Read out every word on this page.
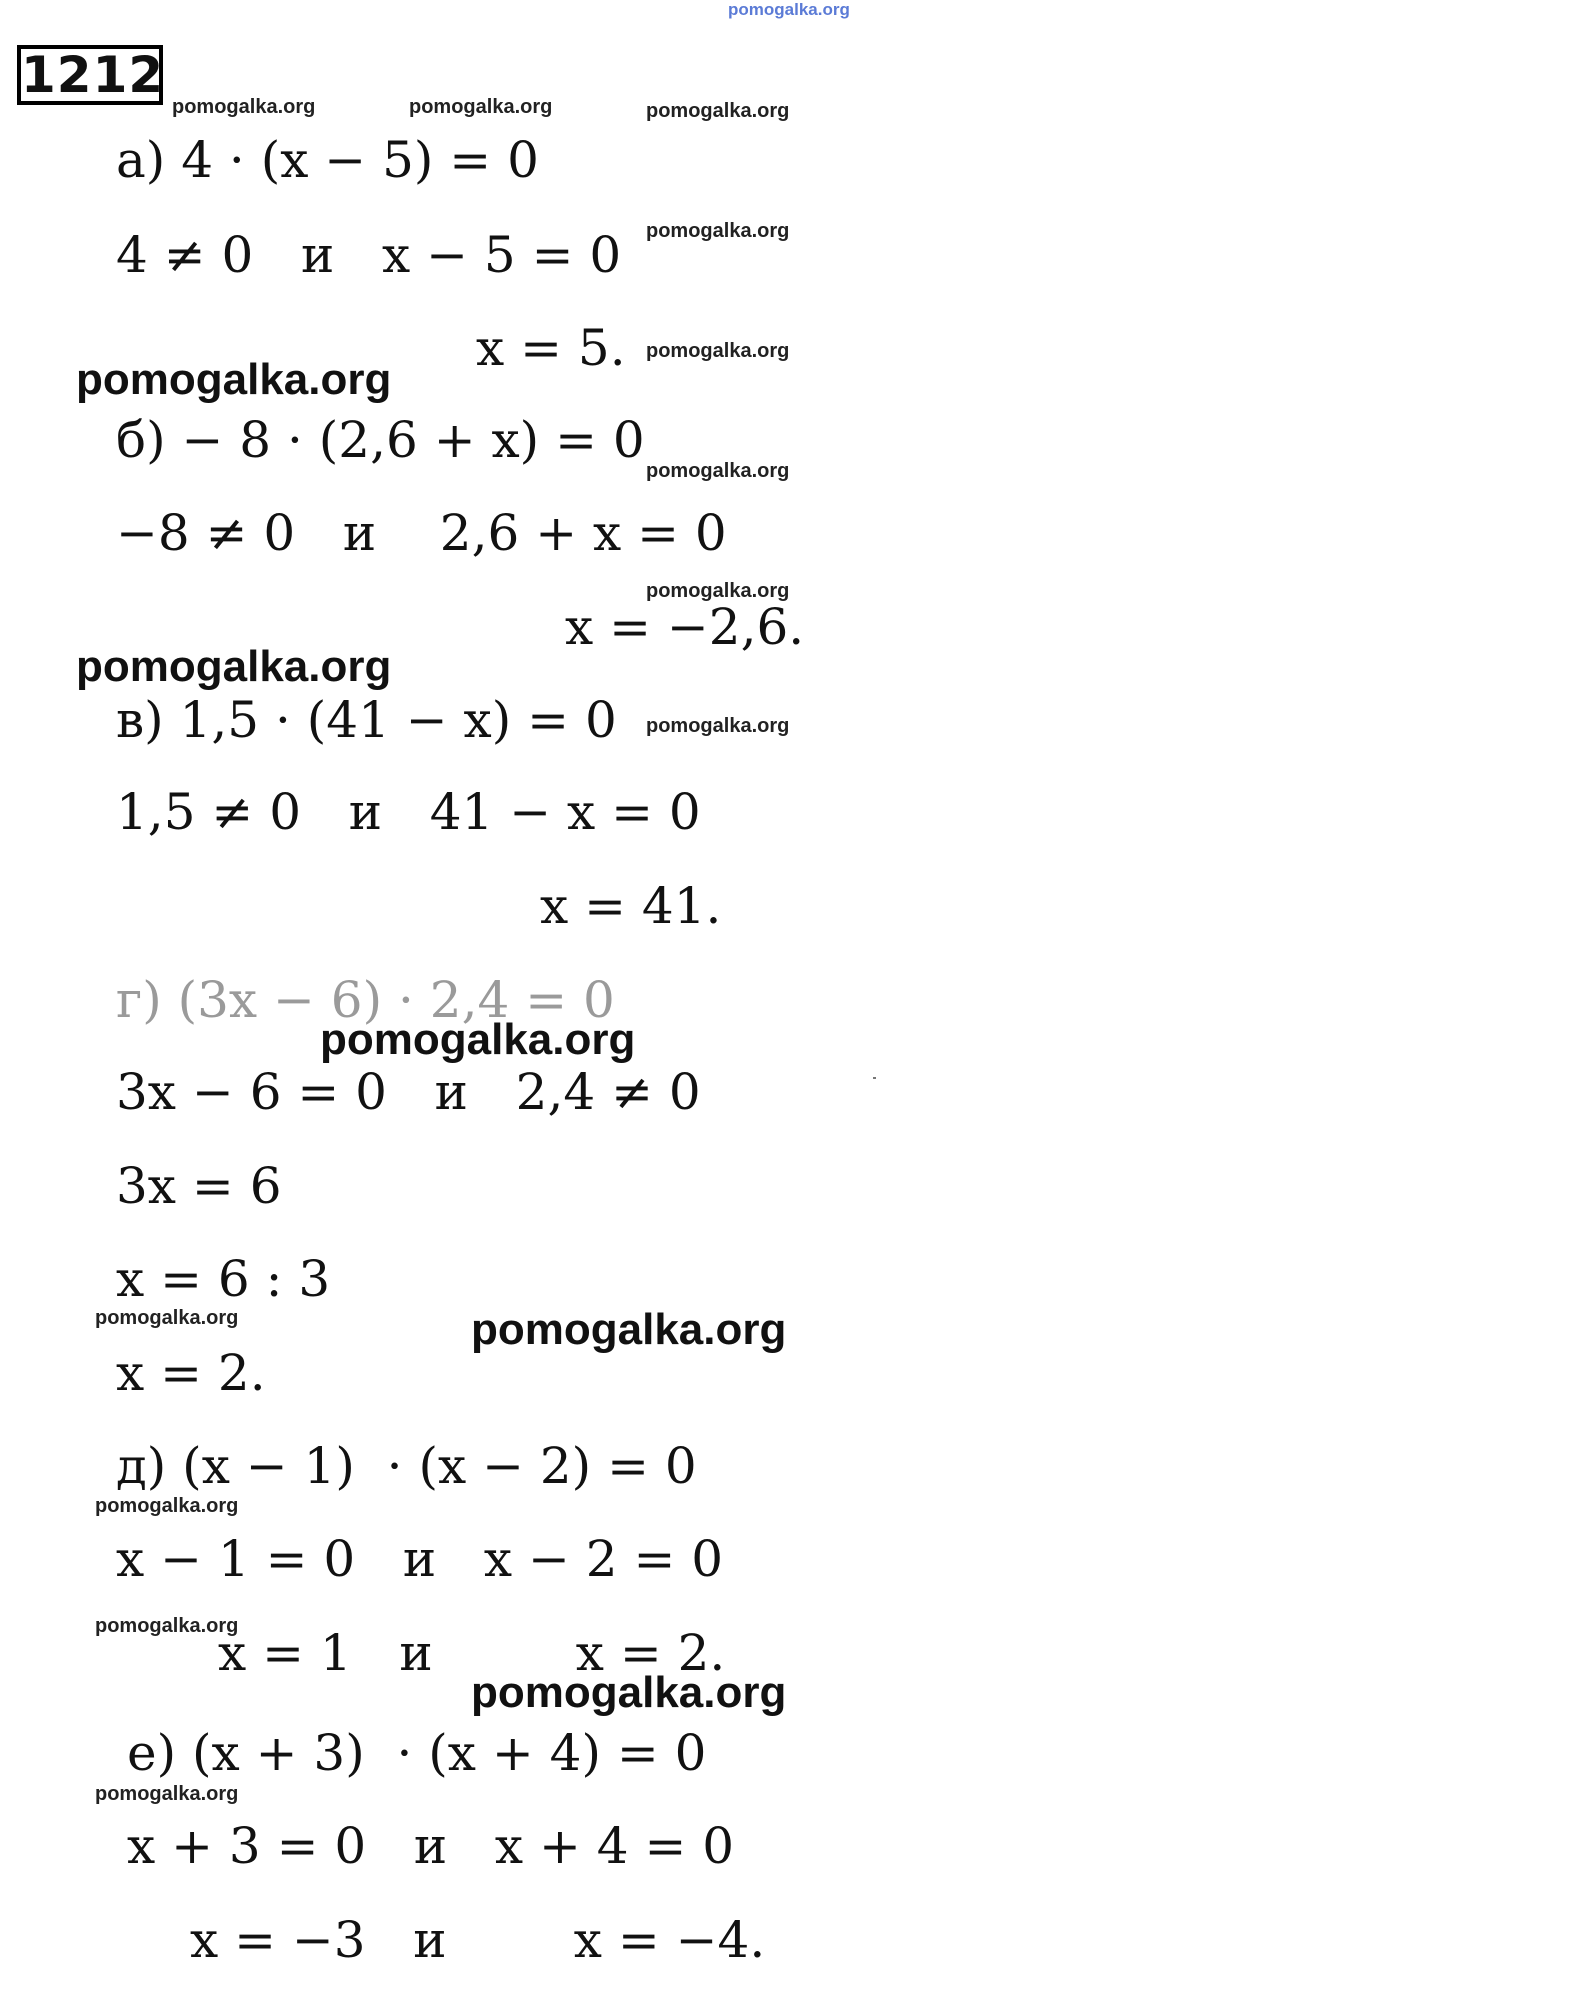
pomogalka.org
1212
pomogalka.org	pomogalka.org	pomogalka.org
pomogalka.org
pomogalka.org
pomogalka.org
pomogalka.org
pomogalka.org
pomogalka.org
pomogalka.org
pomogalka.org
pomogalka.org
pomogalka.org
pomogalka.org
pomogalka.org
pomogalka.org
pomogalka.org
а) 4 · (x − 5) = 0
4 ≠ 0   и   x − 5 = 0
x = 5.
б) − 8 · (2,6 + x) = 0
−8 ≠ 0   и    2,6 + x = 0
x = −2,6.
в) 1,5 · (41 − x) = 0
1,5 ≠ 0   и   41 − x = 0
x = 41.
г) (3x − 6) · 2,4 = 0
3x − 6 = 0   и   2,4 ≠ 0
3x = 6
x = 6 : 3
x = 2.
д) (x − 1)  · (x − 2) = 0
x − 1 = 0   и   x − 2 = 0
x = 1   и         x = 2.
е) (x + 3)  · (x + 4) = 0
x + 3 = 0   и   x + 4 = 0
x = −3   и        x = −4.
